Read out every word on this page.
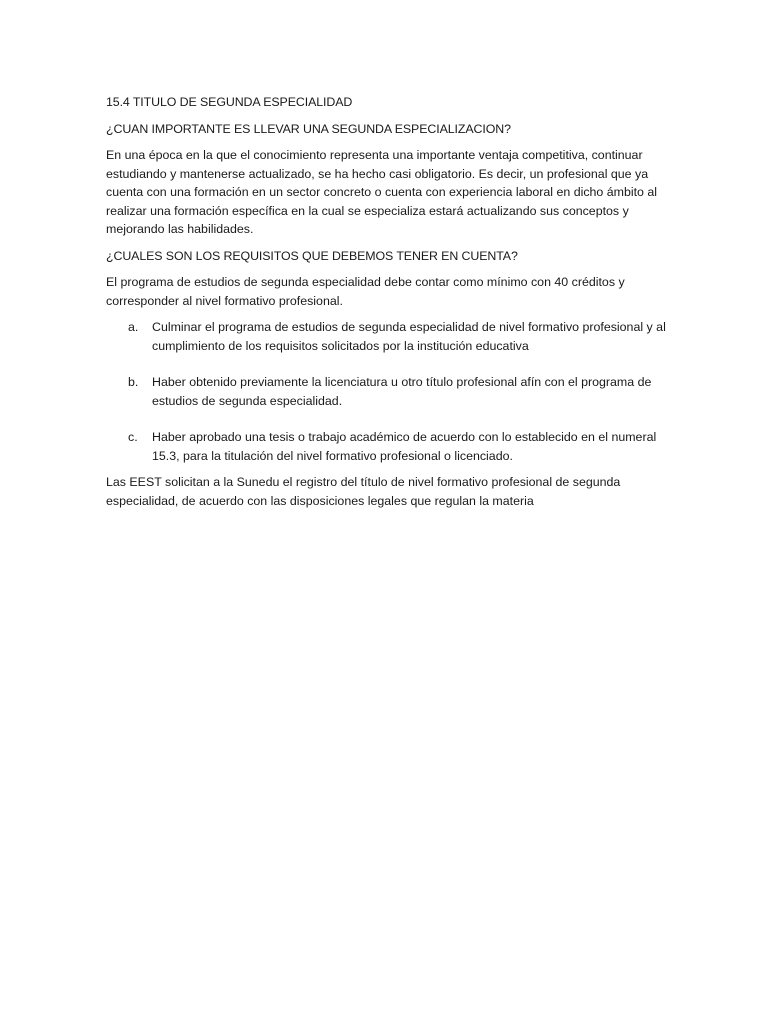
15.4 TITULO DE SEGUNDA ESPECIALIDAD

¿CUAN IMPORTANTE ES LLEVAR UNA SEGUNDA ESPECIALIZACION?

En una época en la que el conocimiento representa una importante ventaja competitiva, continuar estudiando y mantenerse actualizado, se ha hecho casi obligatorio. Es decir, un profesional que ya cuenta con una formación en un sector concreto o cuenta con experiencia laboral en dicho ámbito al realizar una formación específica en la cual se especializa estará actualizando sus conceptos y mejorando las habilidades.

¿CUALES SON LOS REQUISITOS QUE DEBEMOS TENER EN CUENTA?

El programa de estudios de segunda especialidad debe contar como mínimo con 40 créditos y corresponder al nivel formativo profesional.

a. Culminar el programa de estudios de segunda especialidad de nivel formativo profesional y al cumplimiento de los requisitos solicitados por la institución educativa
b. Haber obtenido previamente la licenciatura u otro título profesional afín con el programa de estudios de segunda especialidad.
c. Haber aprobado una tesis o trabajo académico de acuerdo con lo establecido en el numeral 15.3, para la titulación del nivel formativo profesional o licenciado.

Las EEST solicitan a la Sunedu el registro del título de nivel formativo profesional de segunda especialidad, de acuerdo con las disposiciones legales que regulan la materia
